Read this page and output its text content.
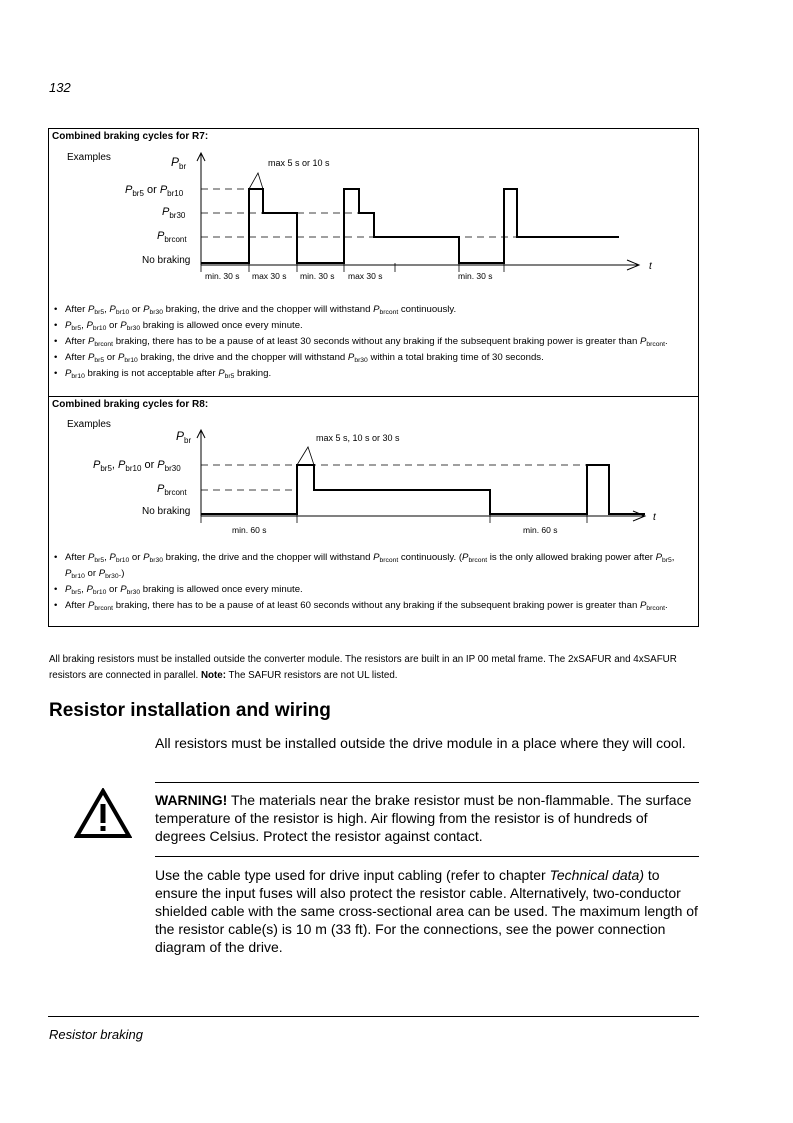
132
Combined braking cycles for R7:
Examples	$P_{br}$
t
$P_{br5}$ or $P_{br10}$
$P_{br30}$
$P_{brcont}$
No braking
max 5 s or 10 s
min. 30 s max 30 s min. 30 s max 30 s	min. 30 s
• After $P_{br5}$, $P_{br10}$ or $P_{br30}$ braking, the drive and the chopper will withstand $P_{brcont}$ continuously.
• $P_{br5}$, $P_{br10}$ or $P_{br30}$ braking is allowed once every minute.
• After $P_{brcont}$ braking, there has to be a pause of at least 30 seconds without any braking if the subsequent braking power is greater than $P_{brcont}$.
• After $P_{br5}$ or $P_{br10}$ braking, the drive and the chopper will withstand $P_{br30}$ within a total braking time of 30 seconds.
• $P_{br10}$ braking is not acceptable after $P_{br5}$ braking.
Combined braking cycles for R8:
Examples
$P_{br}$
t
$P_{br5}$, $P_{br10}$ or $P_{br30}$
$P_{brcont}$
No braking
max 5 s, 10 s or 30 s
min. 60 s	min. 60 s
• After $P_{br5}$, $P_{br10}$ or $P_{br30}$ braking, the drive and the chopper will withstand $P_{brcont}$ continuously. ($P_{brcont}$ is the only allowed braking power after $P_{br5}$, $P_{br10}$ or $P_{br30}$.)
• $P_{br5}$, $P_{br10}$ or $P_{br30}$ braking is allowed once every minute.
• After $P_{brcont}$ braking, there has to be a pause of at least 60 seconds without any braking if the subsequent braking power is greater than $P_{brcont}$.
All braking resistors must be installed outside the converter module. The resistors are built in an IP 00 metal frame. The 2xSAFUR and 4xSAFUR resistors are connected in parallel. Note: The SAFUR resistors are not UL listed.
Resistor installation and wiring
All resistors must be installed outside the drive module in a place where they will cool.
WARNING! The materials near the brake resistor must be non-flammable. The surface temperature of the resistor is high. Air flowing from the resistor is of hundreds of degrees Celsius. Protect the resistor against contact.
Use the cable type used for drive input cabling (refer to chapter Technical data) to ensure the input fuses will also protect the resistor cable. Alternatively, two-conductor shielded cable with the same cross-sectional area can be used. The maximum length of the resistor cable(s) is 10 m (33 ft). For the connections, see the power connection diagram of the drive.
Resistor braking
